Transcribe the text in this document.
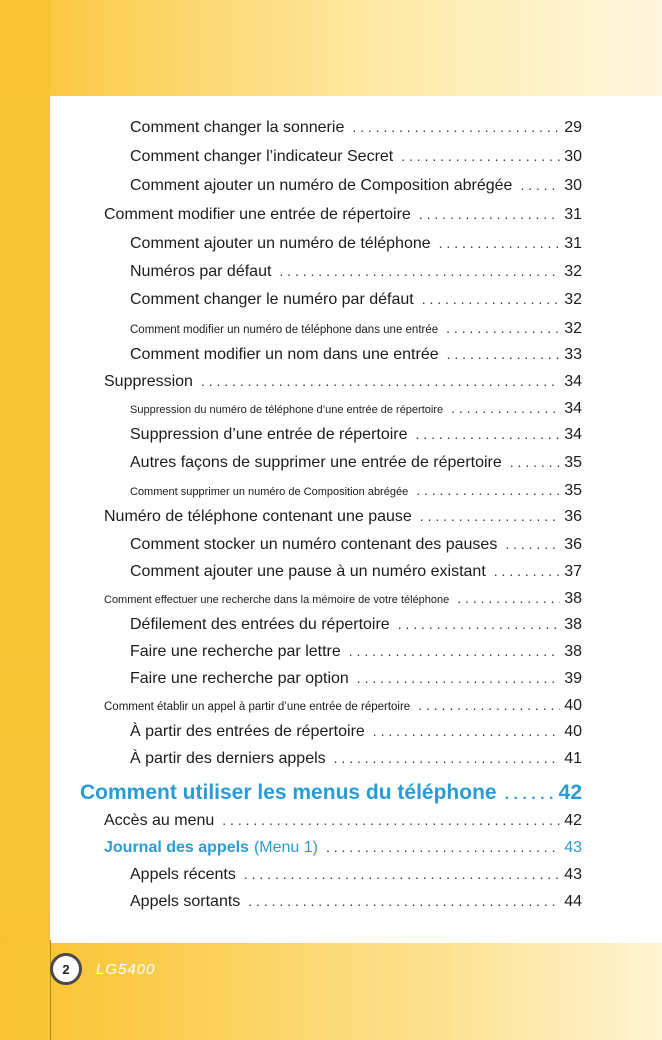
Comment changer la sonnerie . . .	29
Comment changer l’indicateur Secret . . .	30
Comment ajouter un numéro de Composition abrégée . . .	30
Comment modifier une entrée de répertoire . . .	31
Comment ajouter un numéro de téléphone . . .	31
Numéros par défaut . . .	32
Comment changer le numéro par défaut . . .	32
Comment modifier un numéro de téléphone dans une entrée . . .	32
Comment modifier un nom dans une entrée . . .	33
Suppression . . .	34
Suppression du numéro de téléphone d’une entrée de répertoire . . .	34
Suppression d’une entrée de répertoire . . .	34
Autres façons de supprimer une entrée de répertoire . . .	35
Comment supprimer un numéro de Composition abrégée . . .	35
Numéro de téléphone contenant une pause . . .	36
Comment stocker un numéro contenant des pauses . . .	36
Comment ajouter une pause à un numéro existant . . .	37
Comment effectuer une recherche dans la mémoire de votre téléphone . . .	38
Défilement des entrées du répertoire . . .	38
Faire une recherche par lettre . . .	38
Faire une recherche par option . . .	39
Comment établir un appel à partir d’une entrée de répertoire . . .	40
À partir des entrées de répertoire . . .	40
À partir des derniers appels . . .	41
Comment utiliser les menus du téléphone . . .	42
Accès au menu . . .	42
Journal des appels (Menu 1) . . .	43
Appels récents . . .	43
Appels sortants . . .	44
2 LG5400
